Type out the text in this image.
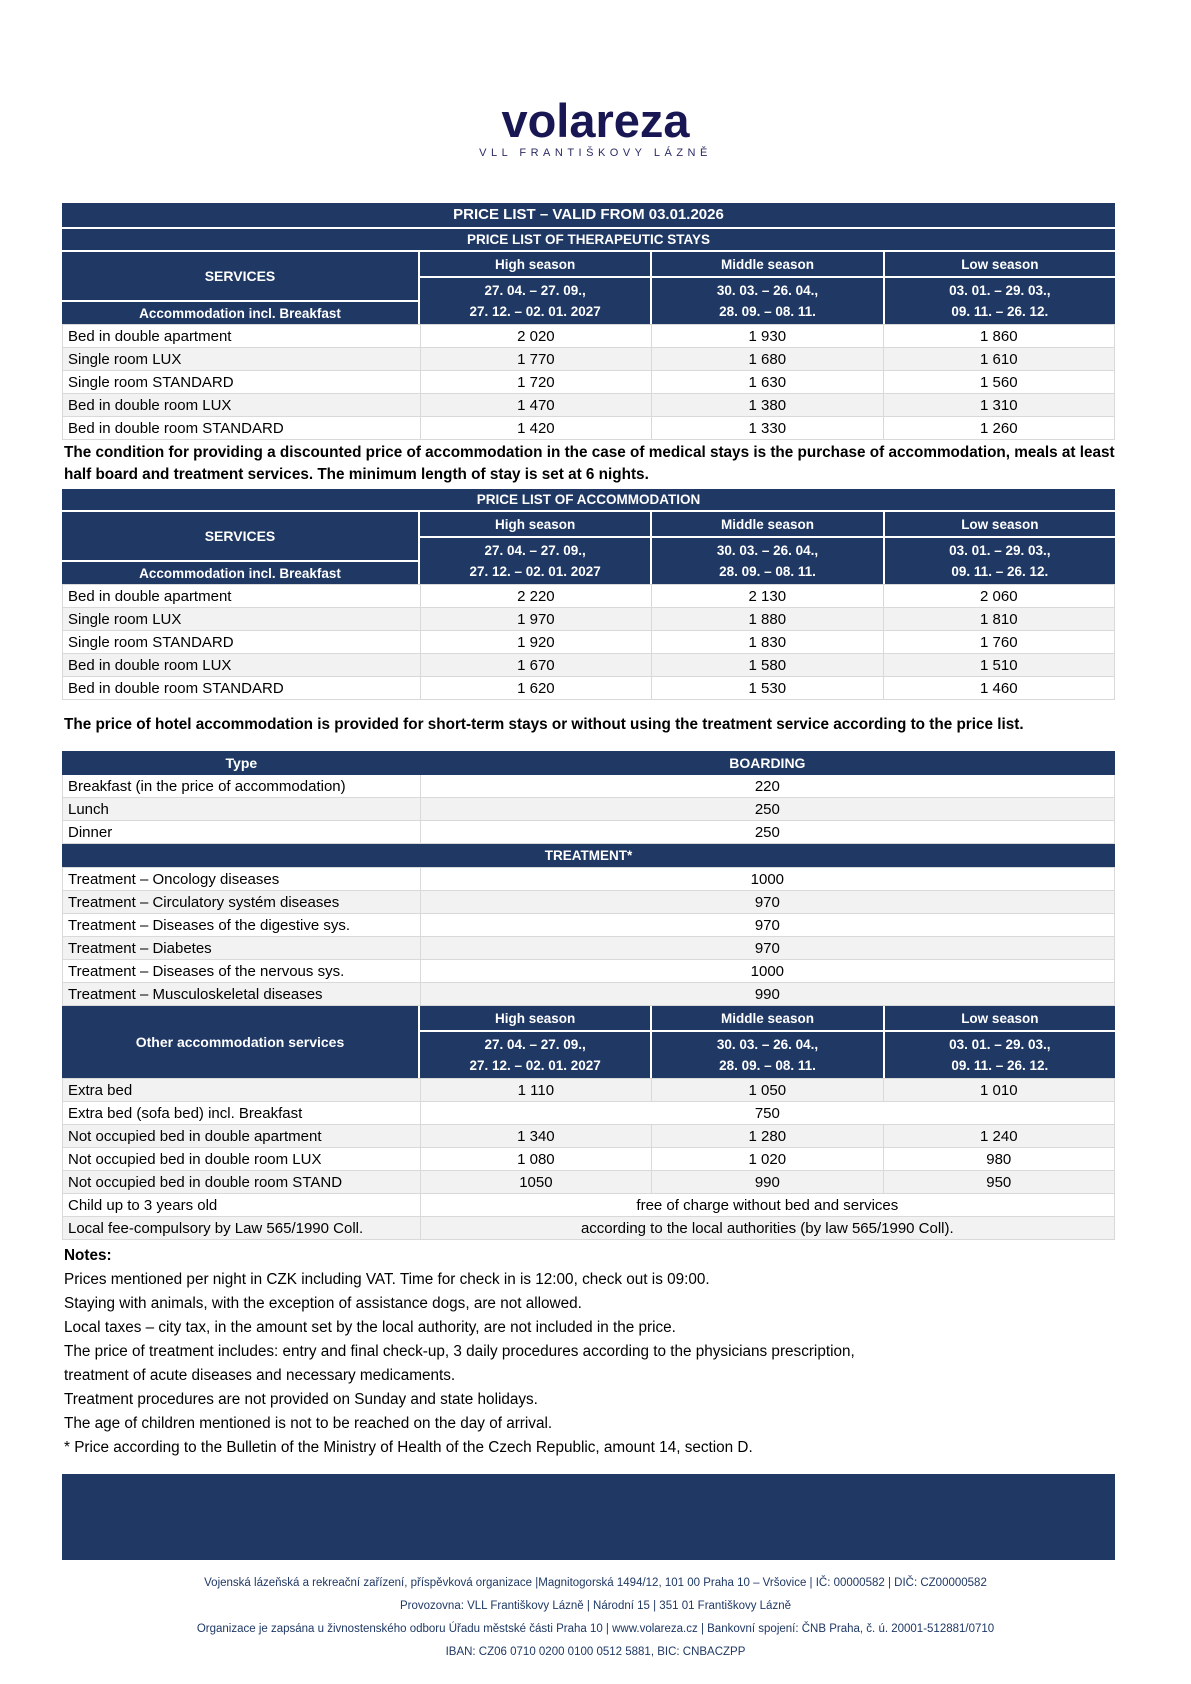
volareza
VLL FRANTIŠKOVY LÁZNĚ
PRICE LIST – VALID FROM 03.01.2026
PRICE LIST OF THERAPEUTIC STAYS
SERVICES
Accommodation incl. Breakfast
High season
27. 04. – 27. 09.,
27. 12. – 02. 01. 2027
Middle season
30. 03. – 26. 04.,
28. 09. – 08. 11.
Low season
03. 01. – 29. 03.,
09. 11. – 26. 12.
Bed in double apartment	2 020	1 930	1 860
Single room LUX	1 770	1 680	1 610
Single room STANDARD	1 720	1 630	1 560
Bed in double room LUX	1 470	1 380	1 310
Bed in double room STANDARD	1 420	1 330	1 260
The condition for providing a discounted price of accommodation in the case of medical stays is the purchase of accommodation, meals at least
half board and treatment services. The minimum length of stay is set at 6 nights.
PRICE LIST OF ACCOMMODATION
SERVICES
Accommodation incl. Breakfast
High season
27. 04. – 27. 09.,
27. 12. – 02. 01. 2027
Middle season
30. 03. – 26. 04.,
28. 09. – 08. 11.
Low season
03. 01. – 29. 03.,
09. 11. – 26. 12.
Bed in double apartment	2 220	2 130	2 060
Single room LUX	1 970	1 880	1 810
Single room STANDARD	1 920	1 830	1 760
Bed in double room LUX	1 670	1 580	1 510
Bed in double room STANDARD	1 620	1 530	1 460
The price of hotel accommodation is provided for short-term stays or without using the treatment service according to the price list.
Type	BOARDING
Breakfast (in the price of accommodation)	220
Lunch	250
Dinner	250
TREATMENT*
Treatment – Oncology diseases	1000
Treatment – Circulatory systém diseases	970
Treatment – Diseases of the digestive sys.	970
Treatment – Diabetes	970
Treatment – Diseases of the nervous sys.	1000
Treatment – Musculoskeletal diseases	990
Other accommodation services
High season
27. 04. – 27. 09.,
27. 12. – 02. 01. 2027
Middle season
30. 03. – 26. 04.,
28. 09. – 08. 11.
Low season
03. 01. – 29. 03.,
09. 11. – 26. 12.
Extra bed	1 110	1 050	1 010
Extra bed (sofa bed) incl. Breakfast	750		
Not occupied bed in double apartment	1 340	1 280	1 240
Not occupied bed in double room LUX	1 080	1 020	980
Not occupied bed in double room STAND	1050	990	950
Child up to 3 years old	free of charge without bed and services		
Local fee-compulsory by Law 565/1990 Coll.	according to the local authorities (by law 565/1990 Coll).		
Notes:
Prices mentioned per night in CZK including VAT. Time for check in is 12:00, check out is 09:00.
Staying with animals, with the exception of assistance dogs, are not allowed.
Local taxes – city tax, in the amount set by the local authority, are not included in the price.
The price of treatment includes: entry and final check-up, 3 daily procedures according to the physicians prescription,
treatment of acute diseases and necessary medicaments.
Treatment procedures are not provided on Sunday and state holidays.
The age of children mentioned is not to be reached on the day of arrival.
* Price according to the Bulletin of the Ministry of Health of the Czech Republic, amount 14, section D.
Vojenská lázeňská a rekreační zařízení, příspěvková organizace |Magnitogorská 1494/12, 101 00 Praha 10 – Vršovice | IČ: 00000582 | DIČ: CZ00000582
Provozovna: VLL Františkovy Lázně | Národní 15 | 351 01 Františkovy Lázně
Organizace je zapsána u živnostenského odboru Úřadu městské části Praha 10 | www.volareza.cz | Bankovní spojení: ČNB Praha, č. ú. 20001-512881/0710
IBAN: CZ06 0710 0200 0100 0512 5881, BIC: CNBACZPP
